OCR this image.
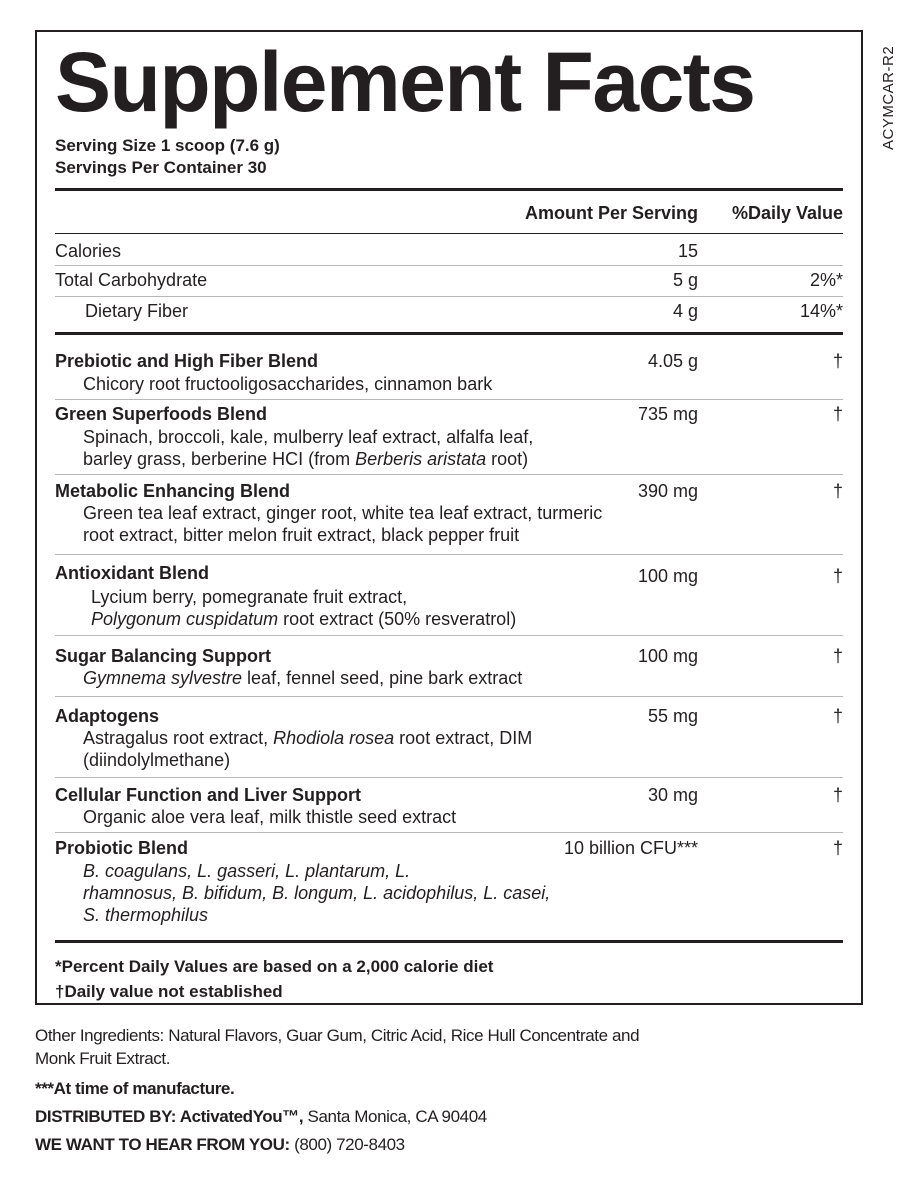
ACYMCAR-R2
Supplement Facts
Serving Size 1 scoop (7.6 g)
Servings Per Container 30
Amount Per Serving %Daily Value
Calories	15
Total Carbohydrate	5 g	2%*
Dietary Fiber	4 g	14%*
Prebiotic and High Fiber Blend	4.05 g	†
Chicory root fructooligosaccharides, cinnamon bark
Green Superfoods Blend	735 mg	†
Spinach, broccoli, kale, mulberry leaf extract, alfalfa leaf,
barley grass, berberine HCI (from Berberis aristata root)
Metabolic Enhancing Blend	390 mg	†
Green tea leaf extract, ginger root, white tea leaf extract, turmeric
root extract, bitter melon fruit extract, black pepper fruit
Antioxidant Blend	100 mg	†
Lycium berry, pomegranate fruit extract,
Polygonum cuspidatum root extract (50% resveratrol)
Sugar Balancing Support	100 mg	†
Gymnema sylvestre leaf, fennel seed, pine bark extract
Adaptogens	55 mg	†
Astragalus root extract, Rhodiola rosea root extract, DIM
(diindolylmethane)
Cellular Function and Liver Support	30 mg	†
Organic aloe vera leaf, milk thistle seed extract
Probiotic Blend	10 billion CFU***	†
B. coagulans, L. gasseri, L. plantarum, L.
rhamnosus, B. bifidum, B. longum, L. acidophilus, L. casei,
S. thermophilus
*Percent Daily Values are based on a 2,000 calorie diet
†Daily value not established
Other Ingredients: Natural Flavors, Guar Gum, Citric Acid, Rice Hull Concentrate and
Monk Fruit Extract.
***At time of manufacture.
DISTRIBUTED BY: ActivatedYou™, Santa Monica, CA 90404
WE WANT TO HEAR FROM YOU: (800) 720-8403
